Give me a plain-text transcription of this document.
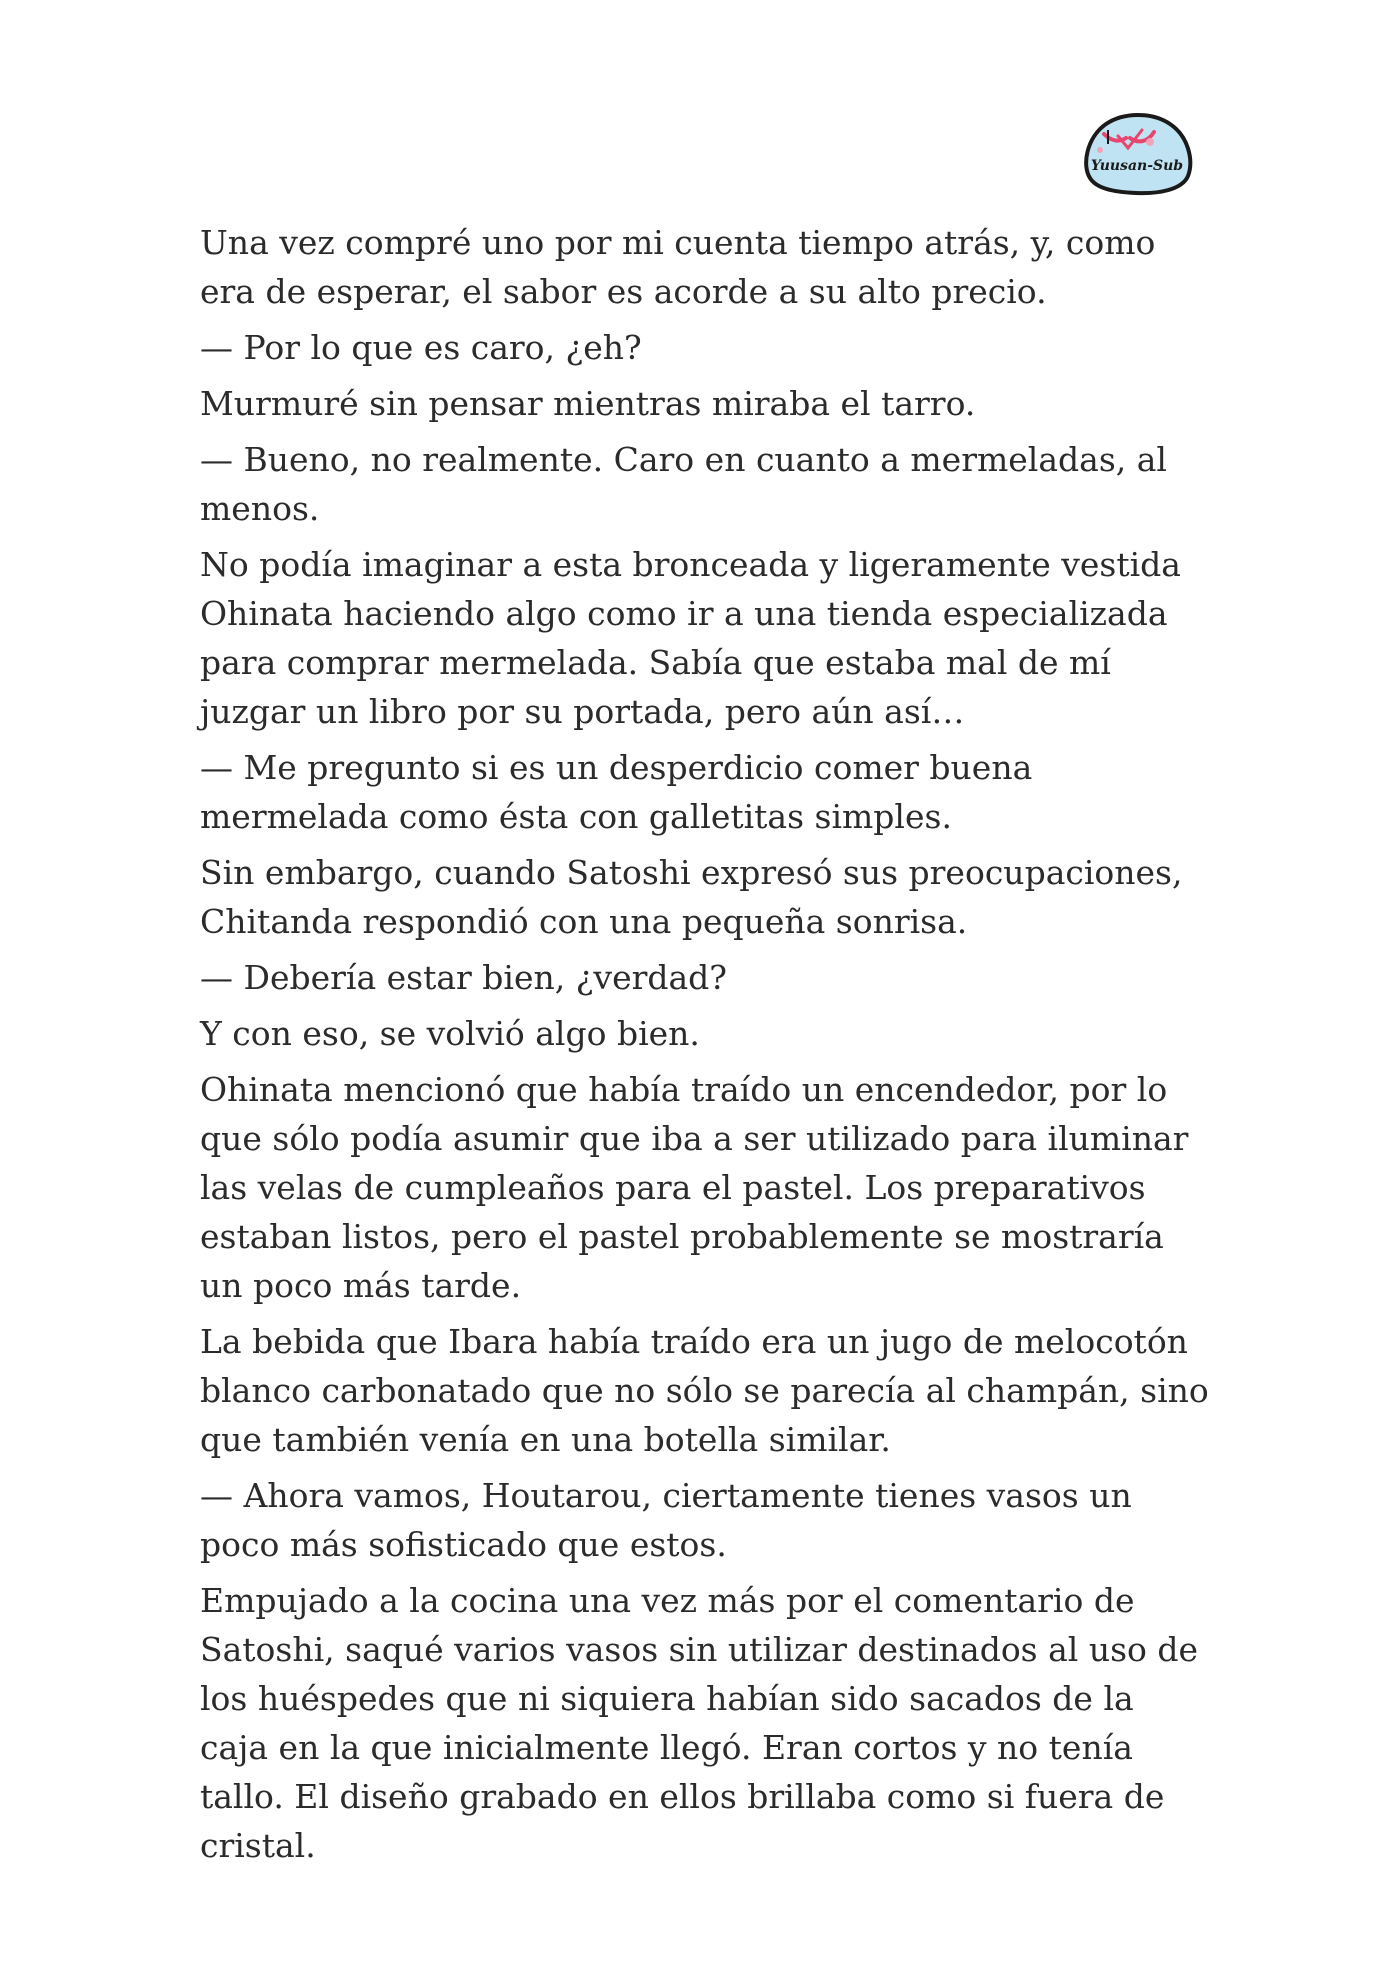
Yuusan-Sub

Una vez compré uno por mi cuenta tiempo atrás, y, como era de esperar, el sabor es acorde a su alto precio.

— Por lo que es caro, ¿eh?

Murmuré sin pensar mientras miraba el tarro.

— Bueno, no realmente. Caro en cuanto a mermeladas, al menos.

No podía imaginar a esta bronceada y ligeramente vestida Ohinata haciendo algo como ir a una tienda especializada para comprar mermelada. Sabía que estaba mal de mí juzgar un libro por su portada, pero aún así…

— Me pregunto si es un desperdicio comer buena mermelada como ésta con galletitas simples.

Sin embargo, cuando Satoshi expresó sus preocupaciones, Chitanda respondió con una pequeña sonrisa.

— Debería estar bien, ¿verdad?

Y con eso, se volvió algo bien.

Ohinata mencionó que había traído un encendedor, por lo que sólo podía asumir que iba a ser utilizado para iluminar las velas de cumpleaños para el pastel. Los preparativos estaban listos, pero el pastel probablemente se mostraría un poco más tarde.

La bebida que Ibara había traído era un jugo de melocotón blanco carbonatado que no sólo se parecía al champán, sino que también venía en una botella similar.

— Ahora vamos, Houtarou, ciertamente tienes vasos un poco más sofisticado que estos.

Empujado a la cocina una vez más por el comentario de Satoshi, saqué varios vasos sin utilizar destinados al uso de los huéspedes que ni siquiera habían sido sacados de la caja en la que inicialmente llegó. Eran cortos y no tenía tallo. El diseño grabado en ellos brillaba como si fuera de cristal.
